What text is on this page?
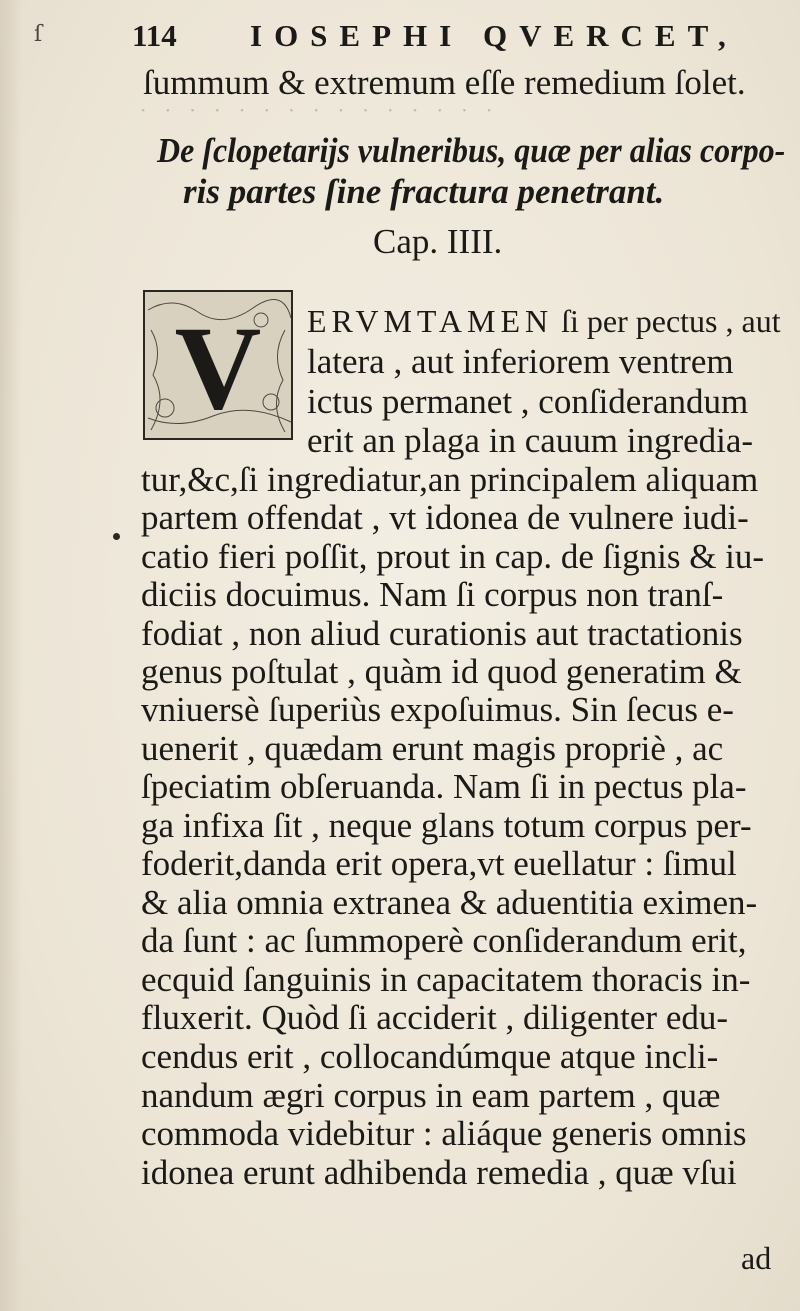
ſ	114 IOSEPHI QVERCET,
ſummum & extremum eſſe remedium ſolet.
· · · · · · · · · · · · · · ·
De ſclopetarijs vulneribus, quæ per alias corpo-
ris partes ſine fractura penetrant.
Cap. IIII.
V ERVMTAMEN ſi per pectus , aut
latera , aut inferiorem ventrem
ictus permanet , conſiderandum
erit an plaga in cauum ingredia-
tur,&c,ſi ingrediatur,an principalem aliquam
partem offendat , vt idonea de vulnere iudi-
catio fieri poſſit, prout in cap. de ſignis & iu-
diciis docuimus. Nam ſi corpus non tranſ-
fodiat , non aliud curationis aut tractationis
genus poſtulat , quàm id quod generatim &
vniuersè ſuperiùs expoſuimus. Sin ſecus e-
uenerit , quædam erunt magis propriè , ac
ſpeciatim obſeruanda. Nam ſi in pectus pla-
ga infixa ſit , neque glans totum corpus per-
foderit,danda erit opera,vt euellatur : ſimul
& alia omnia extranea & aduentitia eximen-
da ſunt : ac ſummoperè conſiderandum erit,
ecquid ſanguinis in capacitatem thoracis in-
fluxerit. Quòd ſi acciderit , diligenter edu-
cendus erit , collocandúmque atque incli-
nandum ægri corpus in eam partem , quæ
commoda videbitur : aliáque generis omnis
idonea erunt adhibenda remedia , quæ vſui
ad
